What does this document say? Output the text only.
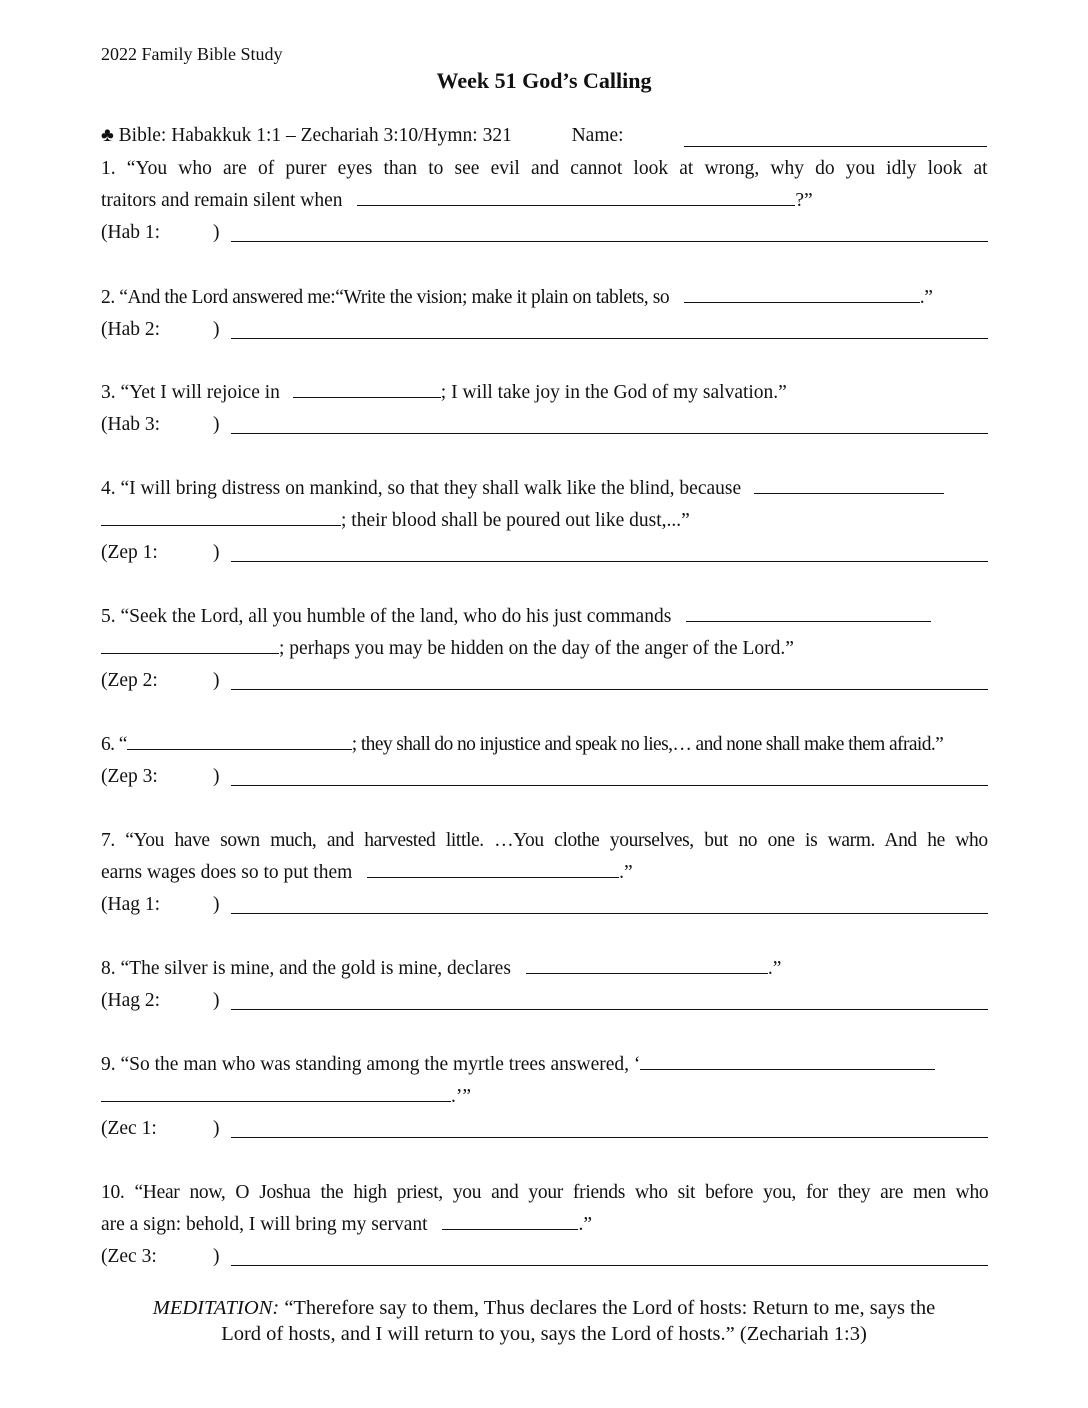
2022 Family Bible Study
Week 51 God’s Calling
♣ Bible: Habakkuk 1:1 – Zechariah 3:10/Hymn: 321	Name:
1. “You who are of purer eyes than to see evil and cannot look at wrong, why do you idly look at
traitors and remain silent when	?”
(Hab 1:	)
2. “And the Lord answered me:“Write the vision; make it plain on tablets, so	.”
(Hab 2:	)
3. “Yet I will rejoice in	; I will take joy in the God of my salvation.”
(Hab 3:	)
4. “I will bring distress on mankind, so that they shall walk like the blind, because
; their blood shall be poured out like dust,...”
(Zep 1:	)
5. “Seek the Lord, all you humble of the land, who do his just commands
; perhaps you may be hidden on the day of the anger of the Lord.”
(Zep 2:	)
6. “	; they shall do no injustice and speak no lies,… and none shall make them afraid.”
(Zep 3:	)
7. “You have sown much, and harvested little. …You clothe yourselves, but no one is warm. And he who
earns wages does so to put them	.”
(Hag 1:	)
8. “The silver is mine, and the gold is mine, declares	.”
(Hag 2:	)
9. “So the man who was standing among the myrtle trees answered, ‘
.’”
(Zec 1:	)
10. “Hear now, O Joshua the high priest, you and your friends who sit before you, for they are men who
are a sign: behold, I will bring my servant	.”
(Zec 3:	)
MEDITATION: “Therefore say to them, Thus declares the Lord of hosts: Return to me, says the
Lord of hosts, and I will return to you, says the Lord of hosts.” (Zechariah 1:3)
